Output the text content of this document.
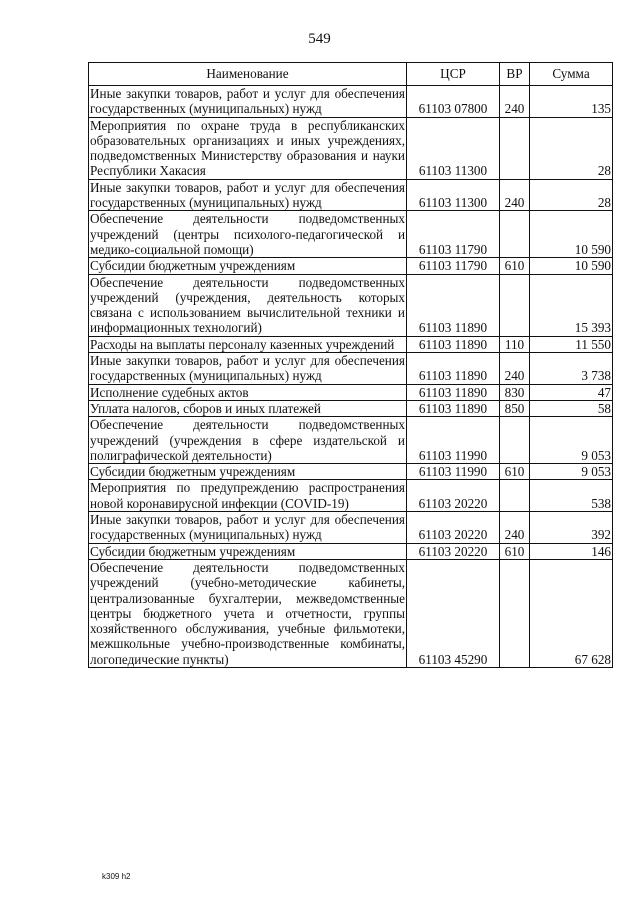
549
Наименование	ЦСР	ВР	Сумма
Иные закупки товаров, работ и услуг для обеспечения государственных (муниципальных) нужд	61103 07800	240	135
Мероприятия по охране труда в республиканских образовательных организациях и иных учреждениях, подведомственных Министерству образования и науки Республики Хакасия	61103 11300		28
Иные закупки товаров, работ и услуг для обеспечения государственных (муниципальных) нужд	61103 11300	240	28
Обеспечение деятельности подведомственных учреждений (центры психолого-педагогической и медико-социальной помощи)	61103 11790		10 590
Субсидии бюджетным учреждениям	61103 11790	610	10 590
Обеспечение деятельности подведомственных учреждений (учреждения, деятельность которых связана с использованием вычислительной техники и информационных технологий)	61103 11890		15 393
Расходы на выплаты персоналу казенных учреждений	61103 11890	110	11 550
Иные закупки товаров, работ и услуг для обеспечения государственных (муниципальных) нужд	61103 11890	240	3 738
Исполнение судебных актов	61103 11890	830	47
Уплата налогов, сборов и иных платежей	61103 11890	850	58
Обеспечение деятельности подведомственных учреждений (учреждения в сфере издательской и полиграфической деятельности)	61103 11990		9 053
Субсидии бюджетным учреждениям	61103 11990	610	9 053
Мероприятия по предупреждению распространения новой коронавирусной инфекции (COVID-19)	61103 20220		538
Иные закупки товаров, работ и услуг для обеспечения государственных (муниципальных) нужд	61103 20220	240	392
Субсидии бюджетным учреждениям	61103 20220	610	146
Обеспечение деятельности подведомственных учреждений (учебно-методические кабинеты, централизованные бухгалтерии, межведомственные центры бюджетного учета и отчетности, группы хозяйственного обслуживания, учебные фильмотеки, межшкольные учебно-производственные комбинаты, логопедические пункты)	61103 45290		67 628
k309 h2
